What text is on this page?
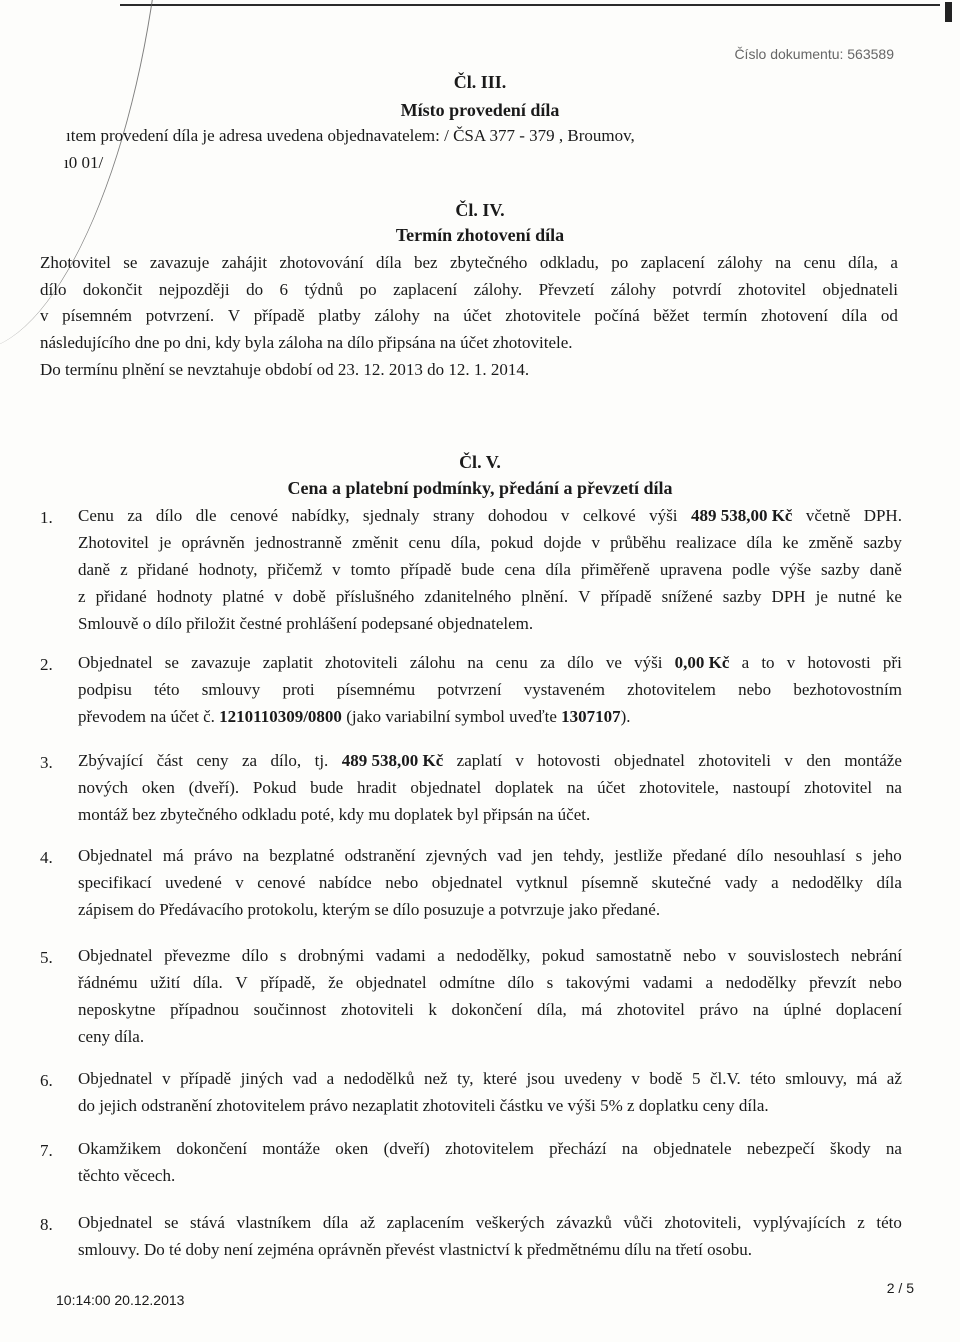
Číslo dokumentu: 563589
Čl. III.
Místo provedení díla
ıtem provedení díla je adresa uvedena objednavatelem: / ČSA 377 - 379 , Broumov,
ı0 01/
Čl. IV.
Termín zhotovení díla
Zhotovitel se zavazuje zahájit zhotovování díla bez zbytečného odkladu, po zaplacení zálohy na cenu díla, a
dílo dokončit nejpozději do 6 týdnů po zaplacení zálohy. Převzetí zálohy potvrdí zhotovitel objednateli
v písemném potvrzení. V případě platby zálohy na účet zhotovitele počíná běžet termín zhotovení díla od
následujícího dne po dni, kdy byla záloha na dílo připsána na účet zhotovitele.
Do termínu plnění se nevztahuje období od 23. 12. 2013 do 12. 1. 2014.
Čl. V.
Cena a platební podmínky, předání a převzetí díla
1. Cenu za dílo dle cenové nabídky, sjednaly strany dohodou v celkové výši 489 538,00 Kč včetně DPH.
Zhotovitel je oprávněn jednostranně změnit cenu díla, pokud dojde v průběhu realizace díla ke změně sazby
daně z přidané hodnoty, přičemž v tomto případě bude cena díla přiměřeně upravena podle výše sazby daně
z přidané hodnoty platné v době příslušného zdanitelného plnění. V případě snížené sazby DPH je nutné ke
Smlouvě o dílo přiložit čestné prohlášení podepsané objednatelem.
2. Objednatel se zavazuje zaplatit zhotoviteli zálohu na cenu za dílo ve výši 0,00 Kč a to v hotovosti při
podpisu této smlouvy proti písemnému potvrzení vystaveném zhotovitelem nebo bezhotovostním
převodem na účet č. 1210110309/0800 (jako variabilní symbol uveďte 1307107).
3. Zbývající část ceny za dílo, tj. 489 538,00 Kč zaplatí v hotovosti objednatel zhotoviteli v den montáže
nových oken (dveří). Pokud bude hradit objednatel doplatek na účet zhotovitele, nastoupí zhotovitel na
montáž bez zbytečného odkladu poté, kdy mu doplatek byl připsán na účet.
4. Objednatel má právo na bezplatné odstranění zjevných vad jen tehdy, jestliže předané dílo nesouhlasí s jeho
specifikací uvedené v cenové nabídce nebo objednatel vytknul písemně skutečné vady a nedodělky díla
zápisem do Předávacího protokolu, kterým se dílo posuzuje a potvrzuje jako předané.
5. Objednatel převezme dílo s drobnými vadami a nedodělky, pokud samostatně nebo v souvislostech nebrání
řádnému užití díla. V případě, že objednatel odmítne dílo s takovými vadami a nedodělky převzít nebo
neposkytne případnou součinnost zhotoviteli k dokončení díla, má zhotovitel právo na úplné doplacení
ceny díla.
6. Objednatel v případě jiných vad a nedodělků než ty, které jsou uvedeny v bodě 5 čl.V. této smlouvy, má až
do jejich odstranění zhotovitelem právo nezaplatit zhotoviteli částku ve výši 5% z doplatku ceny díla.
7. Okamžikem dokončení montáže oken (dveří) zhotovitelem přechází na objednatele nebezpečí škody na
těchto věcech.
8. Objednatel se stává vlastníkem díla až zaplacením veškerých závazků vůči zhotoviteli, vyplývajících z této
smlouvy. Do té doby není zejména oprávněn převést vlastnictví k předmětnému dílu na třetí osobu.
10:14:00 20.12.2013
2 / 5
